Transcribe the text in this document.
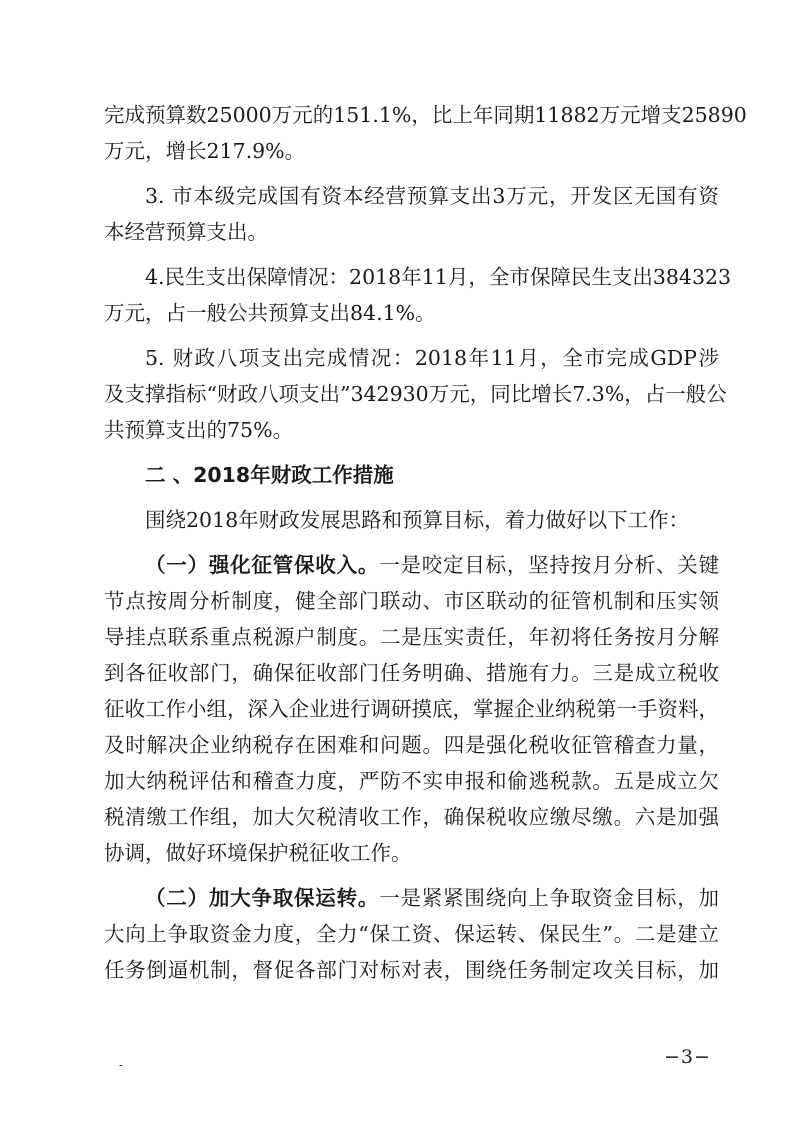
完成预算数25000万元的151.1%，比上年同期11882万元增支25890
万元，增长217.9%。
3. 市本级完成国有资本经营预算支出3万元，开发区无国有资
本经营预算支出。
4.民生支出保障情况：2018年11月，全市保障民生支出384323
万元，占一般公共预算支出84.1%。
5. 财政八项支出完成情况：2018年11月，全市完成GDP涉
及支撑指标“财政八项支出”342930万元，同比增长7.3%，占一般公
共预算支出的75%。
二 、2018年财政工作措施
围绕2018年财政发展思路和预算目标，着力做好以下工作：
（一）强化征管保收入。一是咬定目标，坚持按月分析、关键
节点按周分析制度，健全部门联动、市区联动的征管机制和压实领
导挂点联系重点税源户制度。二是压实责任，年初将任务按月分解
到各征收部门，确保征收部门任务明确、措施有力。三是成立税收
征收工作小组，深入企业进行调研摸底，掌握企业纳税第一手资料，
及时解决企业纳税存在困难和问题。四是强化税收征管稽查力量，
加大纳税评估和稽查力度，严防不实申报和偷逃税款。五是成立欠
税清缴工作组，加大欠税清收工作，确保税收应缴尽缴。六是加强
协调，做好环境保护税征收工作。
（二）加大争取保运转。一是紧紧围绕向上争取资金目标，加
大向上争取资金力度，全力“保工资、保运转、保民生”。二是建立
任务倒逼机制，督促各部门对标对表，围绕任务制定攻关目标，加
-	−3−
